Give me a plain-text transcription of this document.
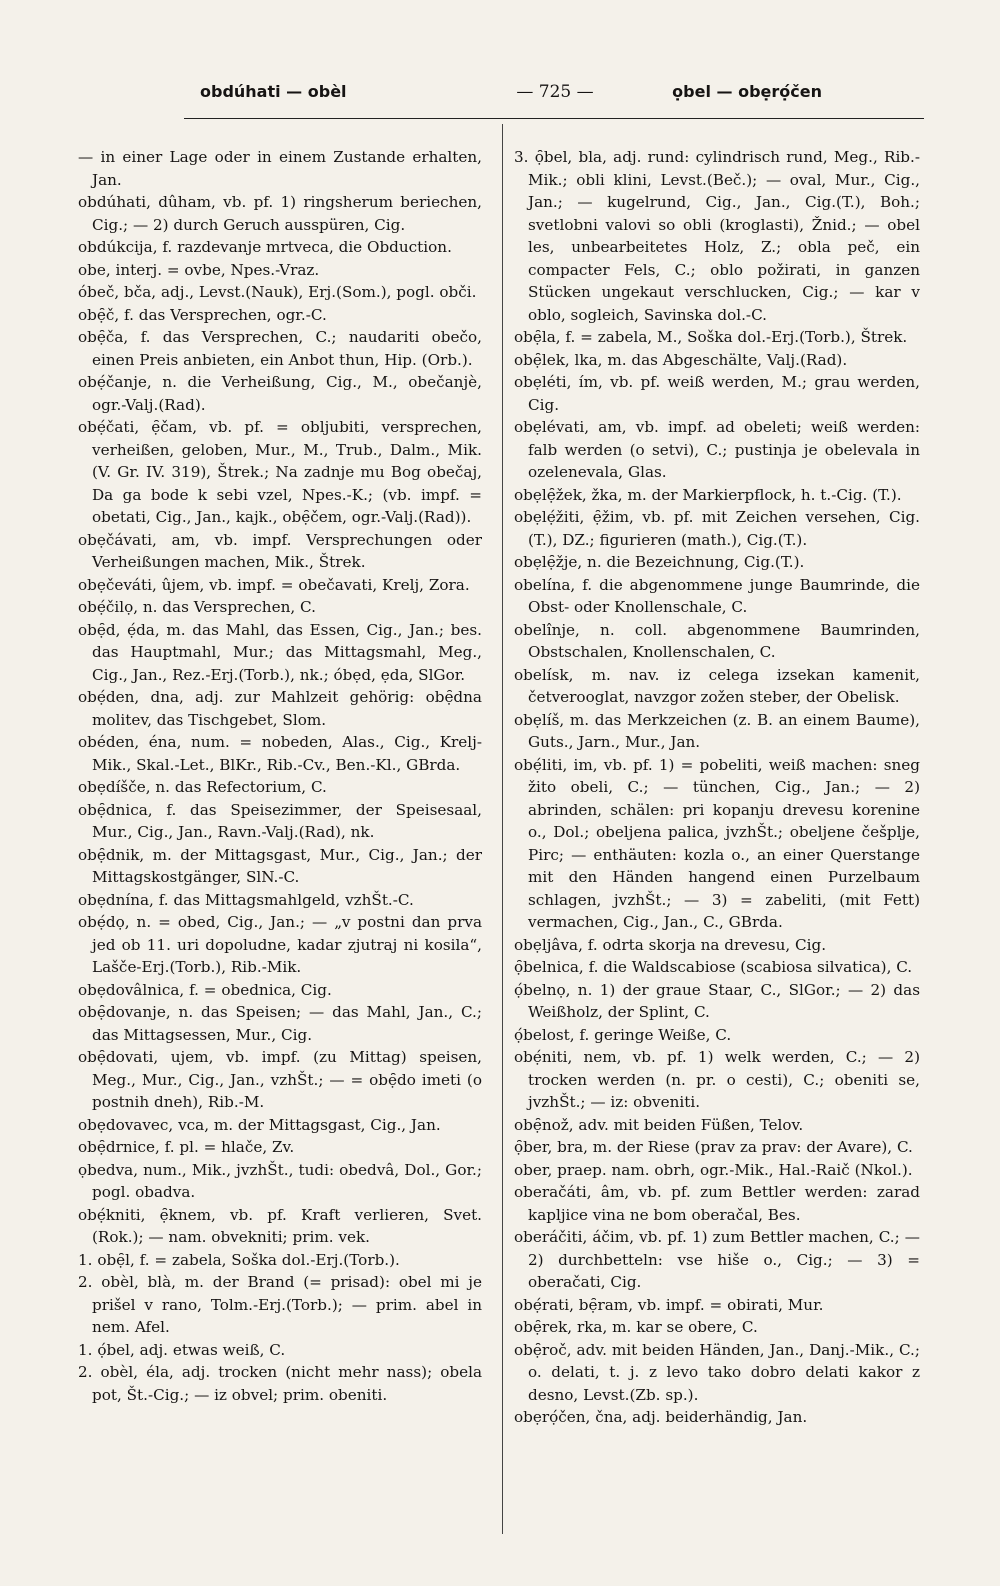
obdúhati — obèl	— 725 —	ọbel — obẹrọ́čen

— in einer Lage oder in einem Zustande erhalten, Jan.

obdúhati, dûham, vb. pf. 1) ringsherum beriechen, Cig.; — 2) durch Geruch ausspüren, Cig.

obdúkcija, f. razdevanje mrtveca, die Obduction.

obe, interj. = ovbe, Npes.-Vraz.

óbeč, bča, adj., Levst.(Nauk), Erj.(Som.), pogl. obči.

obẹ̑č, f. das Versprechen, ogr.-C.

obẹ̑ča, f. das Versprechen, C.; naudariti obečo, einen Preis anbieten, ein Anbot thun, Hip. (Orb.).

obẹ́čanje, n. die Verheißung, Cig., M., obečanjè, ogr.-Valj.(Rad).

obẹ́čati, ẹ̑čam, vb. pf. = obljubiti, versprechen, verheißen, geloben, Mur., M., Trub., Dalm., Mik.(V. Gr. IV. 319), Štrek.; Na zadnje mu Bog obečaj, Da ga bode k sebi vzel, Npes.-K.; (vb. impf. = obetati, Cig., Jan., kajk., obẹ̑čem, ogr.-Valj.(Rad)).

obẹčávati, am, vb. impf. Versprechungen oder Verheißungen machen, Mik., Štrek.

obẹčeváti, ûjem, vb. impf. = obečavati, Krelj, Zora.

obẹ́čilọ, n. das Versprechen, C.

obẹ̑d, ẹ́da, m. das Mahl, das Essen, Cig., Jan.; bes. das Hauptmahl, Mur.; das Mittagsmahl, Meg., Cig., Jan., Rez.-Erj.(Torb.), nk.; óbẹd, ẹda, SlGor.

obẹ́den, dna, adj. zur Mahlzeit gehörig: obẹ̑dna molitev, das Tischgebet, Slom.

obéden, éna, num. = nobeden, Alas., Cig., Krelj-Mik., Skal.-Let., BlKr., Rib.-Cv., Ben.-Kl., GBrda.

obẹdíšče, n. das Refectorium, C.

obẹ̑dnica, f. das Speisezimmer, der Speisesaal, Mur., Cig., Jan., Ravn.-Valj.(Rad), nk.

obẹ̑dnik, m. der Mittagsgast, Mur., Cig., Jan.; der Mittagskostgänger, SlN.-C.

obẹdnína, f. das Mittagsmahlgeld, vzhŠt.-C.

obẹ́dọ, n. = obed, Cig., Jan.; — „v postni dan prva jed ob 11. uri dopoludne, kadar zjutraj ni kosila“, Lašče-Erj.(Torb.), Rib.-Mik.

obẹdovâlnica, f. = obednica, Cig.

obẹ̑dovanje, n. das Speisen; — das Mahl, Jan., C.; das Mittagsessen, Mur., Cig.

obẹ̑dovati, ujem, vb. impf. (zu Mittag) speisen, Meg., Mur., Cig., Jan., vzhŠt.; — = obẹ̑do imeti (o postnih dneh), Rib.-M.

obẹdovavec, vca, m. der Mittagsgast, Cig., Jan.

obẹ̑drnice, f. pl. = hlače, Zv.

ọbedva, num., Mik., jvzhŠt., tudi: obedvâ, Dol., Gor.; pogl. obadva.

obẹ́kniti, ẹ̑knem, vb. pf. Kraft verlieren, Svet. (Rok.); — nam. obvekniti; prim. vek.

1. obẹ̑l, f. = zabela, Soška dol.-Erj.(Torb.).

2. obèl, blà, m. der Brand (= prisad): obel mi je prišel v rano, Tolm.-Erj.(Torb.); — prim. abel in nem. Afel.

1. ọ́bel, adj. etwas weiß, C.

2. obèl, éla, adj. trocken (nicht mehr nass); obela pot, Št.-Cig.; — iz obvel; prim. obeniti.

3. ọ̑bel, bla, adj. rund: cylindrisch rund, Meg., Rib.-Mik.; obli klini, Levst.(Beč.); — oval, Mur., Cig., Jan.; — kugelrund, Cig., Jan., Cig.(T.), Boh.; svetlobni valovi so obli (kroglasti), Žnid.; — obel les, unbearbeitetes Holz, Z.; obla peč, ein compacter Fels, C.; oblo požirati, in ganzen Stücken ungekaut verschlucken, Cig.; — kar v oblo, sogleich, Savinska dol.-C.

obẹ̑la, f. = zabela, M., Soška dol.-Erj.(Torb.), Štrek.

obẹ̑lek, lka, m. das Abgeschälte, Valj.(Rad).

obẹléti, ím, vb. pf. weiß werden, M.; grau werden, Cig.

obẹlévati, am, vb. impf. ad obeleti; weiß werden: falb werden (o setvi), C.; pustinja je obelevala in ozelenevala, Glas.

obẹlẹ̑žek, žka, m. der Markierpflock, h. t.-Cig. (T.).

obẹlẹ́žiti, ẹ̑žim, vb. pf. mit Zeichen versehen, Cig.(T.), DZ.; figurieren (math.), Cig.(T.).

obẹlẹ̑žje, n. die Bezeichnung, Cig.(T.).

obelína, f. die abgenommene junge Baumrinde, die Obst- oder Knollenschale, C.

obelînje, n. coll. abgenommene Baumrinden, Obstschalen, Knollenschalen, C.

obelísk, m. nav. iz celega izsekan kamenit, četverooglat, navzgor zožen steber, der Obelisk.

obẹlíš, m. das Merkzeichen (z. B. an einem Baume), Guts., Jarn., Mur., Jan.

obẹ́liti, im, vb. pf. 1) = pobeliti, weiß machen: sneg žito obeli, C.; — tünchen, Cig., Jan.; — 2) abrinden, schälen: pri kopanju drevesu korenine o., Dol.; obeljena palica, jvzhŠt.; obeljene češplje, Pirc; — enthäuten: kozla o., an einer Querstange mit den Händen hangend einen Purzelbaum schlagen, jvzhŠt.; — 3) = zabeliti, (mit Fett) vermachen, Cig., Jan., C., GBrda.

obẹljâva, f. odrta skorja na drevesu, Cig.

ọ̑belnica, f. die Waldscabiose (scabiosa silvatica), C.

ọ́belnọ, n. 1) der graue Staar, C., SlGor.; — 2) das Weißholz, der Splint, C.

ọ́belost, f. geringe Weiße, C.

obẹ́niti, nem, vb. pf. 1) welk werden, C.; — 2) trocken werden (n. pr. o cesti), C.; obeniti se, jvzhŠt.; — iz: obveniti.

obẹ̑nož, adv. mit beiden Füßen, Telov.

ọ̑ber, bra, m. der Riese (prav za prav: der Avare), C.

ober, praep. nam. obrh, ogr.-Mik., Hal.-Raič (Nkol.).

oberačáti, âm, vb. pf. zum Bettler werden: zarad kapljice vina ne bom oberačal, Bes.

oberáčiti, áčim, vb. pf. 1) zum Bettler machen, C.; — 2) durchbetteln: vse hiše o., Cig.; — 3) = oberačati, Cig.

obẹ́rati, bẹ̑ram, vb. impf. = obirati, Mur.

obẹ̑rek, rka, m. kar se obere, C.

obẹ̑roč, adv. mit beiden Händen, Jan., Danj.-Mik., C.; o. delati, t. j. z levo tako dobro delati kakor z desno, Levst.(Zb. sp.).

obẹrọ́čen, čna, adj. beiderhändig, Jan.
